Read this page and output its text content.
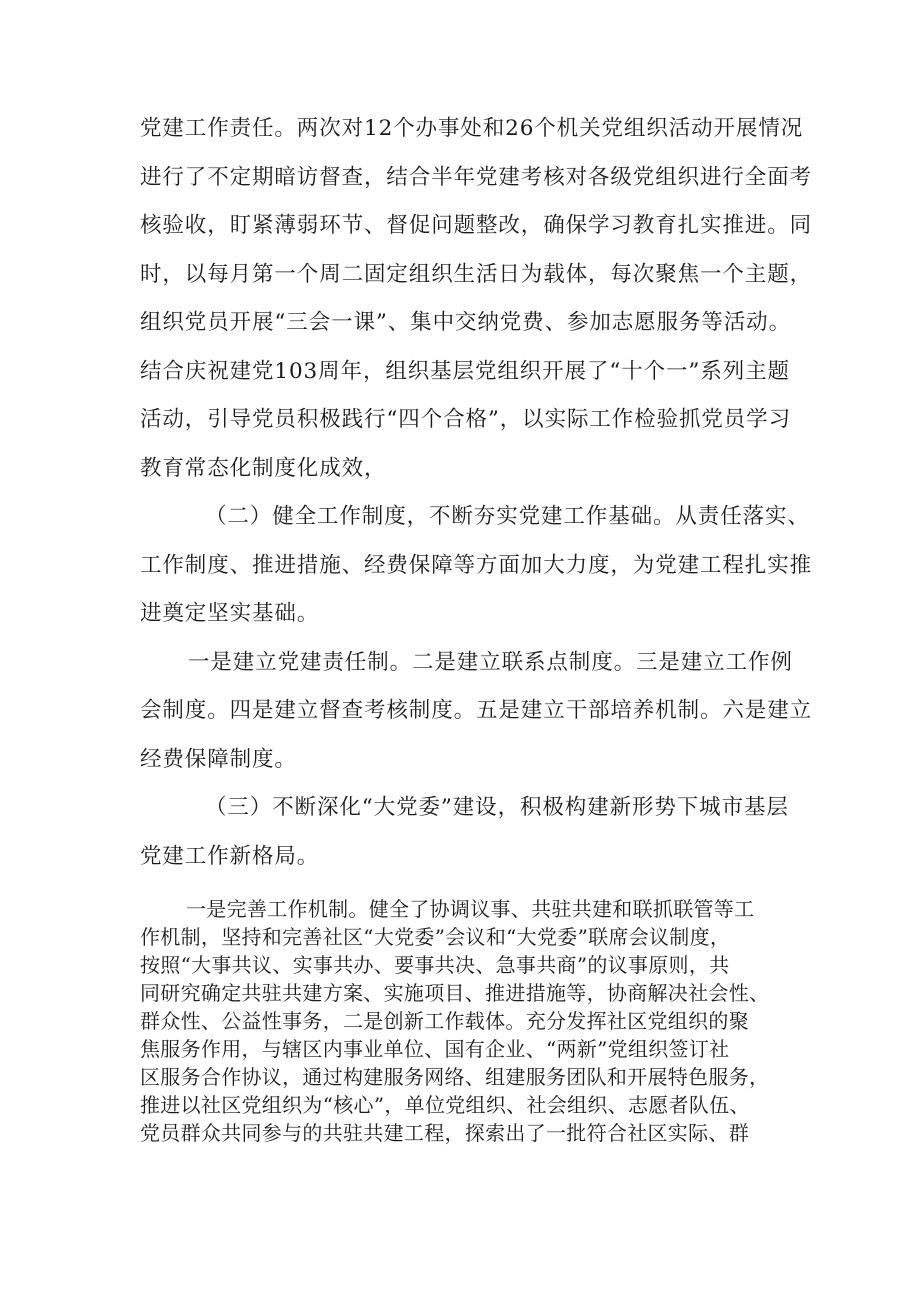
党建工作责任。两次对12个办事处和26个机关党组织活动开展情况
进行了不定期暗访督查，结合半年党建考核对各级党组织进行全面考
核验收，盯紧薄弱环节、督促问题整改，确保学习教育扎实推进。同
时，以每月第一个周二固定组织生活日为载体，每次聚焦一个主题，
组织党员开展“三会一课”、集中交纳党费、参加志愿服务等活动。
结合庆祝建党103周年，组织基层党组织开展了“十个一”系列主题
活动，引导党员积极践行“四个合格”，以实际工作检验抓党员学习
教育常态化制度化成效，
（二）健全工作制度，不断夯实党建工作基础。从责任落实、
工作制度、推进措施、经费保障等方面加大力度，为党建工程扎实推
进奠定坚实基础。
一是建立党建责任制。二是建立联系点制度。三是建立工作例
会制度。四是建立督查考核制度。五是建立干部培养机制。六是建立
经费保障制度。
（三）不断深化“大党委”建设，积极构建新形势下城市基层
党建工作新格局。
一是完善工作机制。健全了协调议事、共驻共建和联抓联管等工
作机制，坚持和完善社区“大党委”会议和“大党委”联席会议制度，
按照“大事共议、实事共办、要事共决、急事共商”的议事原则，共
同研究确定共驻共建方案、实施项目、推进措施等，协商解决社会性、
群众性、公益性事务，二是创新工作载体。充分发挥社区党组织的聚
焦服务作用，与辖区内事业单位、国有企业、“两新”党组织签订社
区服务合作协议，通过构建服务网络、组建服务团队和开展特色服务，
推进以社区党组织为“核心”，单位党组织、社会组织、志愿者队伍、
党员群众共同参与的共驻共建工程，探索出了一批符合社区实际、群
